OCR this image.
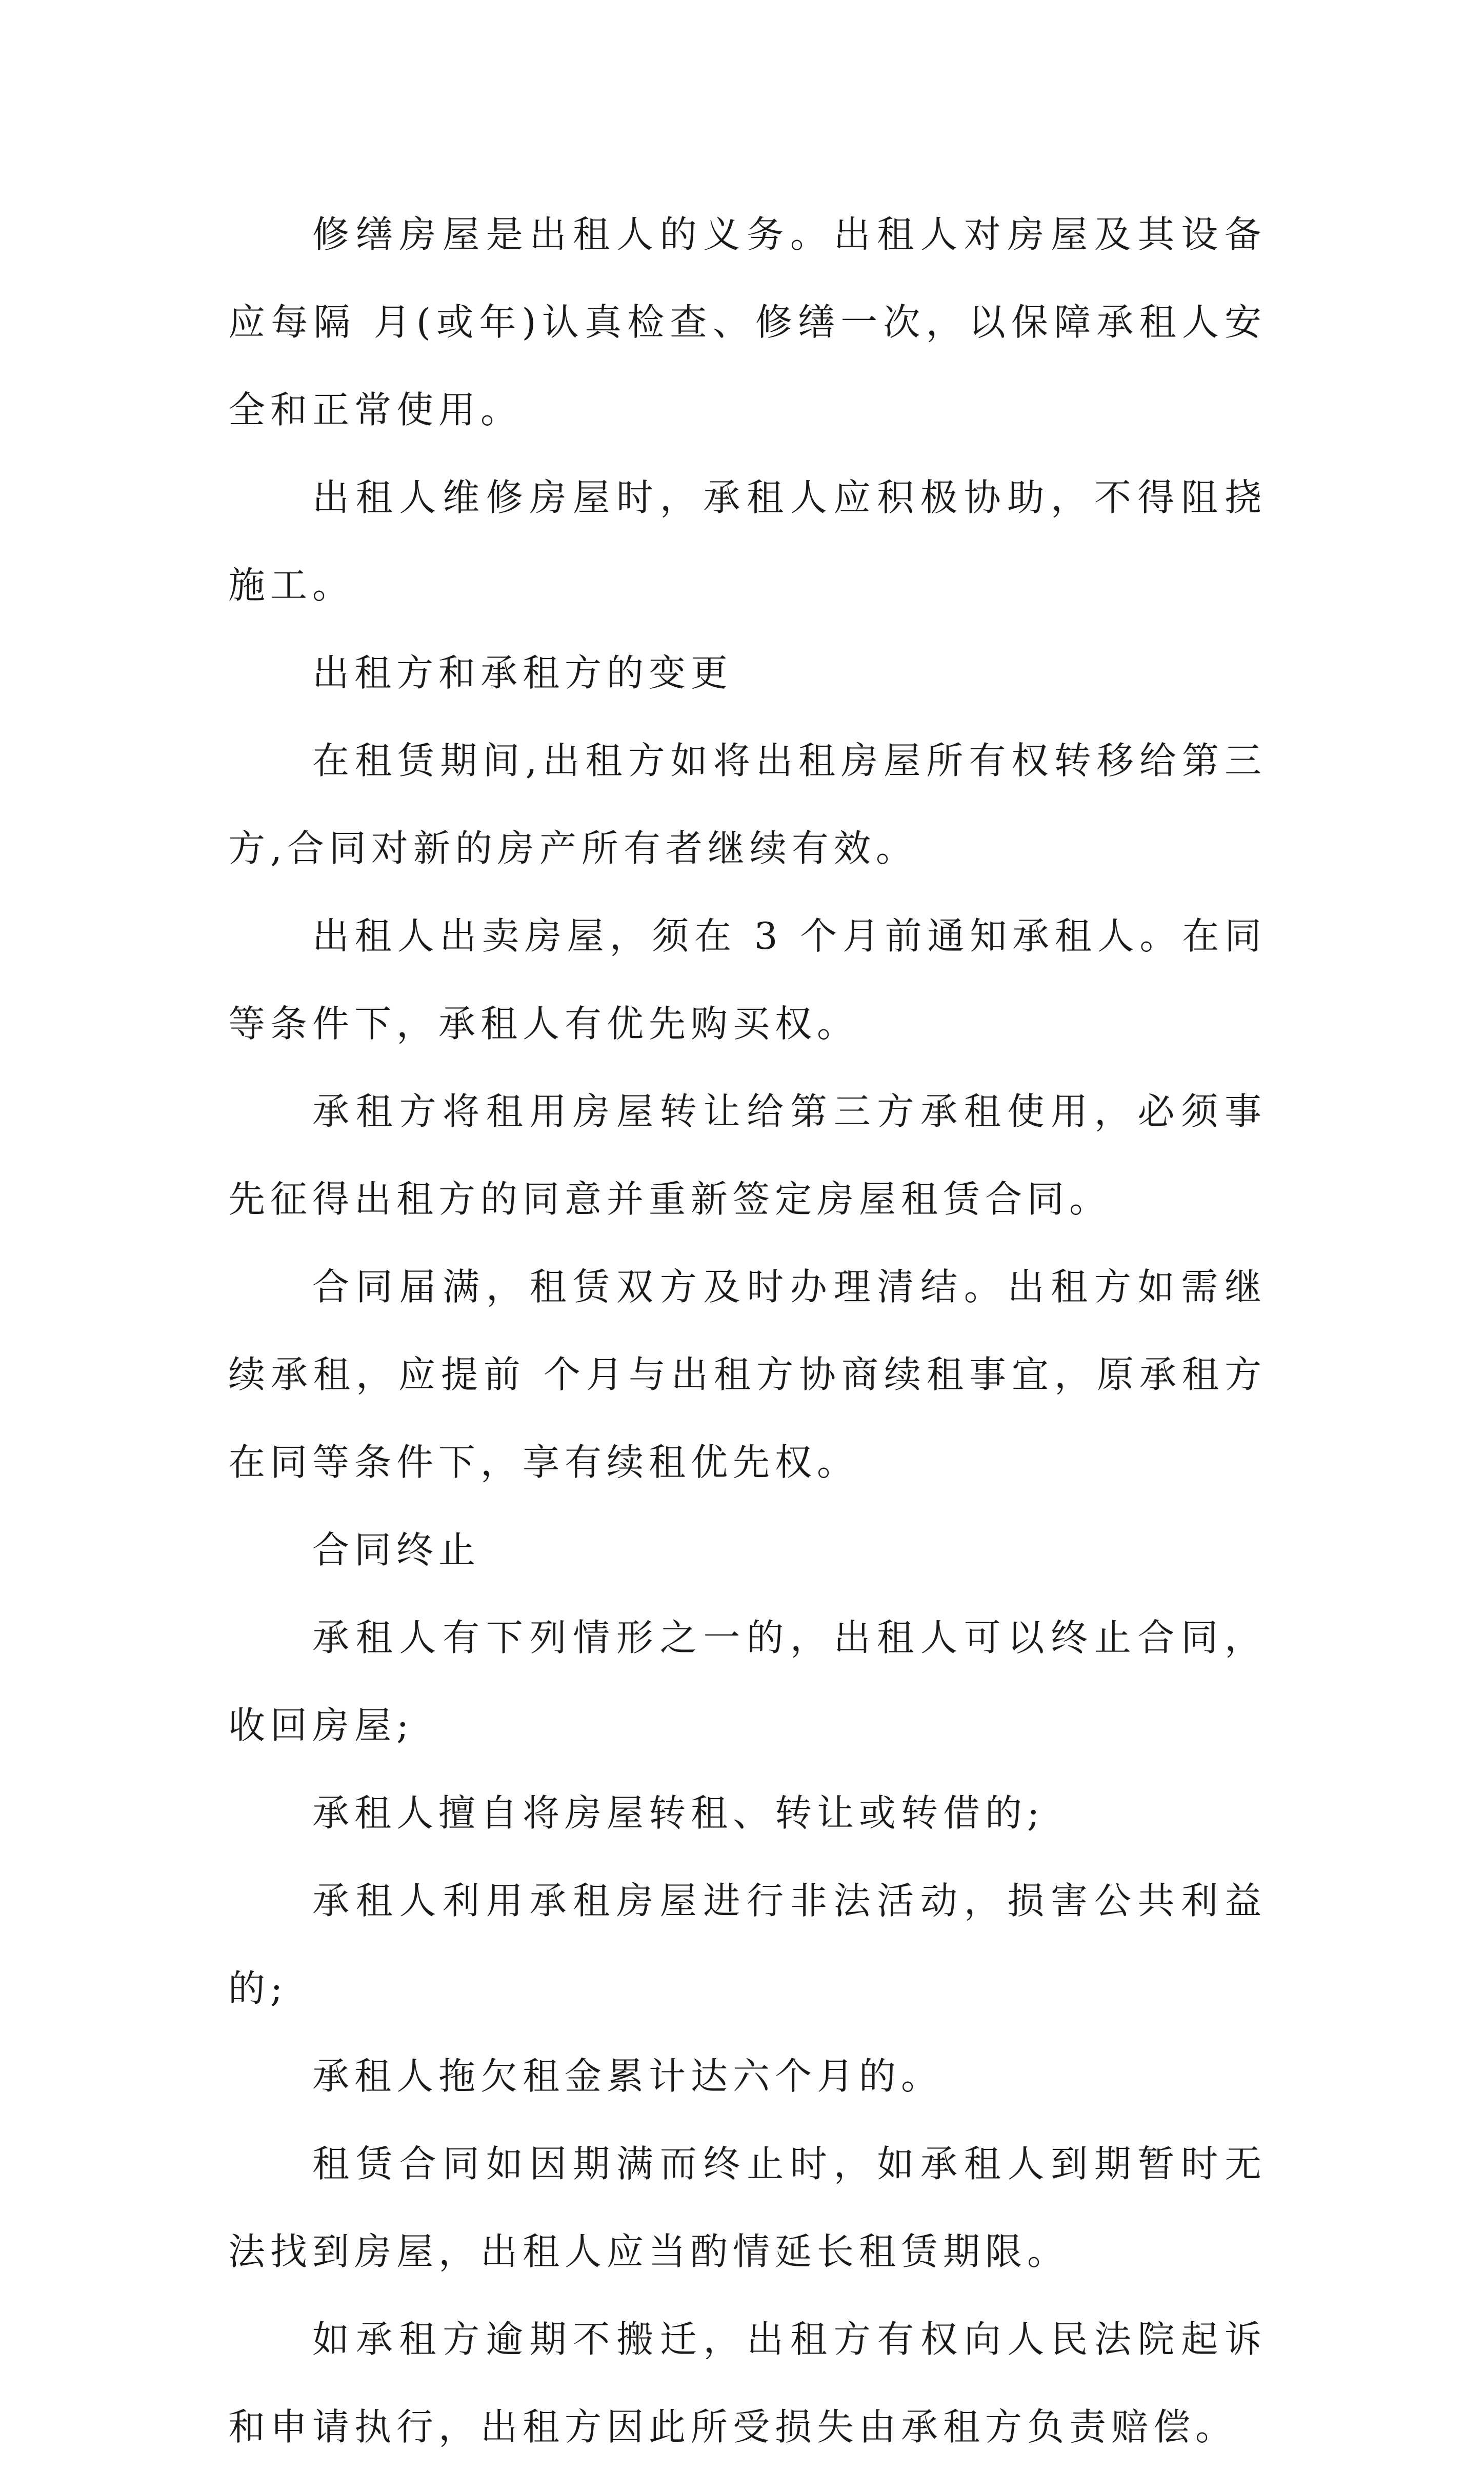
修缮房屋是出租人的义务。出租人对房屋及其设备应每隔 月(或年)认真检查、修缮一次，以保障承租人安全和正常使用。

出租人维修房屋时，承租人应积极协助，不得阻挠施工。

出租方和承租方的变更

在租赁期间,出租方如将出租房屋所有权转移给第三方,合同对新的房产所有者继续有效。

出租人出卖房屋，须在 3 个月前通知承租人。在同等条件下，承租人有优先购买权。

承租方将租用房屋转让给第三方承租使用，必须事先征得出租方的同意并重新签定房屋租赁合同。

合同届满，租赁双方及时办理清结。出租方如需继续承租，应提前 个月与出租方协商续租事宜，原承租方在同等条件下，享有续租优先权。

合同终止

承租人有下列情形之一的，出租人可以终止合同，收回房屋;

承租人擅自将房屋转租、转让或转借的;

承租人利用承租房屋进行非法活动，损害公共利益的;

承租人拖欠租金累计达六个月的。

租赁合同如因期满而终止时，如承租人到期暂时无法找到房屋，出租人应当酌情延长租赁期限。

如承租方逾期不搬迁，出租方有权向人民法院起诉和申请执行，出租方因此所受损失由承租方负责赔偿。
